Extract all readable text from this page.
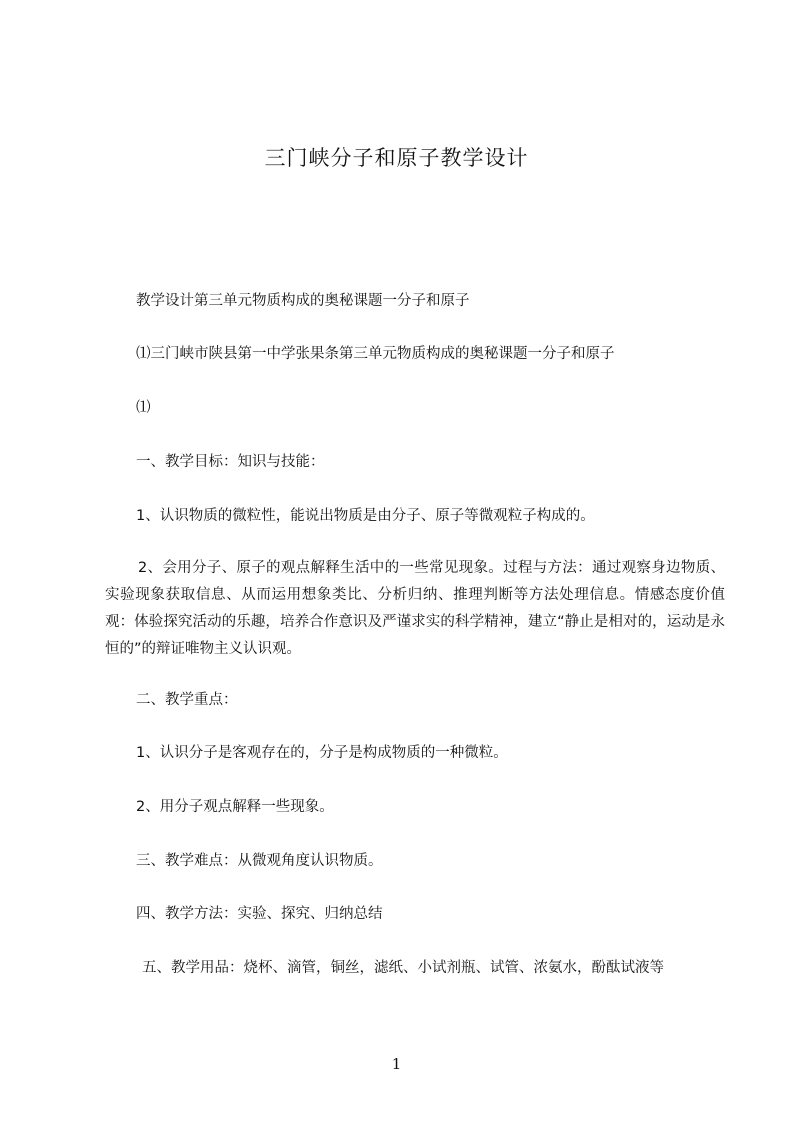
三门峡分子和原子教学设计
教学设计第三单元物质构成的奥秘课题一分子和原子
⑴三门峡市陕县第一中学张果条第三单元物质构成的奥秘课题一分子和原子
⑴
一、教学目标：知识与技能：
1、认识物质的微粒性，能说出物质是由分子、原子等微观粒子构成的。
2、会用分子、原子的观点解释生活中的一些常见现象。过程与方法：通过观察身边物质、实验现象获取信息、从而运用想象类比、分析归纳、推理判断等方法处理信息。情感态度价值观：体验探究活动的乐趣，培养合作意识及严谨求实的科学精神，建立“静止是相对的，运动是永恒的”的辩证唯物主义认识观。
二、教学重点：
1、认识分子是客观存在的，分子是构成物质的一种微粒。
2、用分子观点解释一些现象。
三、教学难点：从微观角度认识物质。
四、教学方法：实验、探究、归纳总结
五、教学用品：烧杯、滴管，铜丝，滤纸、小试剂瓶、试管、浓氨水，酚酞试液等
1
